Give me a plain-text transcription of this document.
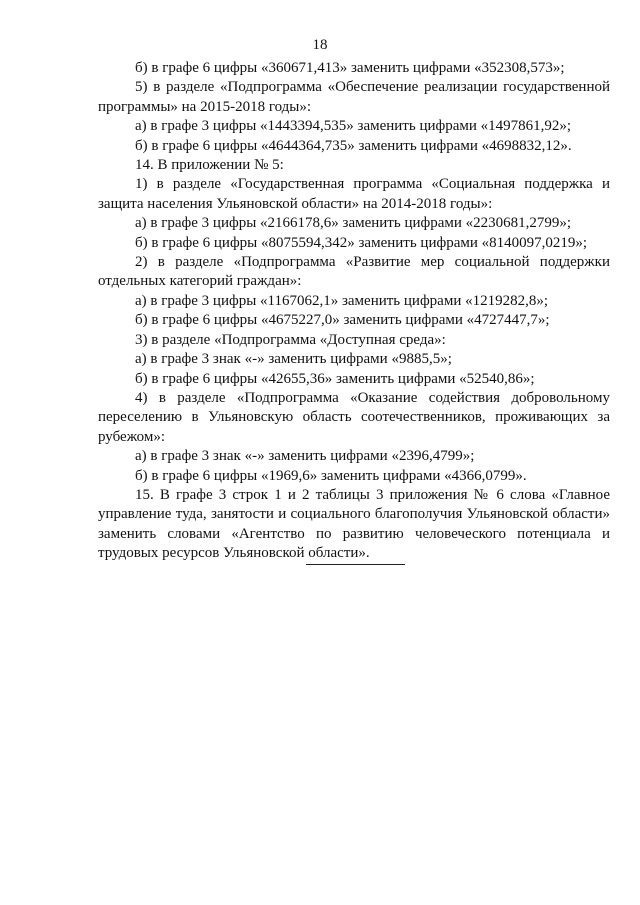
18

б) в графе 6 цифры «360671,413» заменить цифрами «352308,573»;

5) в разделе «Подпрограмма «Обеспечение реализации государственной программы» на 2015-2018 годы»:

а) в графе 3 цифры «1443394,535» заменить цифрами «1497861,92»;

б) в графе 6 цифры «4644364,735» заменить цифрами «4698832,12».

14. В приложении № 5:

1) в разделе «Государственная программа «Социальная поддержка и защита населения Ульяновской области» на 2014-2018 годы»:

а) в графе 3 цифры «2166178,6» заменить цифрами «2230681,2799»;

б) в графе 6 цифры «8075594,342» заменить цифрами «8140097,0219»;

2) в разделе «Подпрограмма «Развитие мер социальной поддержки отдельных категорий граждан»:

а) в графе 3 цифры «1167062,1» заменить цифрами «1219282,8»;

б) в графе 6 цифры «4675227,0» заменить цифрами «4727447,7»;

3) в разделе «Подпрограмма «Доступная среда»:

а) в графе 3 знак «-» заменить цифрами «9885,5»;

б) в графе 6 цифры «42655,36» заменить цифрами «52540,86»;

4) в разделе «Подпрограмма «Оказание содействия добровольному переселению в Ульяновскую область соотечественников, проживающих за рубежом»:

а) в графе 3 знак «-» заменить цифрами «2396,4799»;

б) в графе 6 цифры «1969,6» заменить цифрами «4366,0799».

15. В графе 3 строк 1 и 2 таблицы 3 приложения № 6 слова «Главное управление туда, занятости и социального благополучия Ульяновской области» заменить словами «Агентство по развитию человеческого потенциала и трудовых ресурсов Ульяновской области».
